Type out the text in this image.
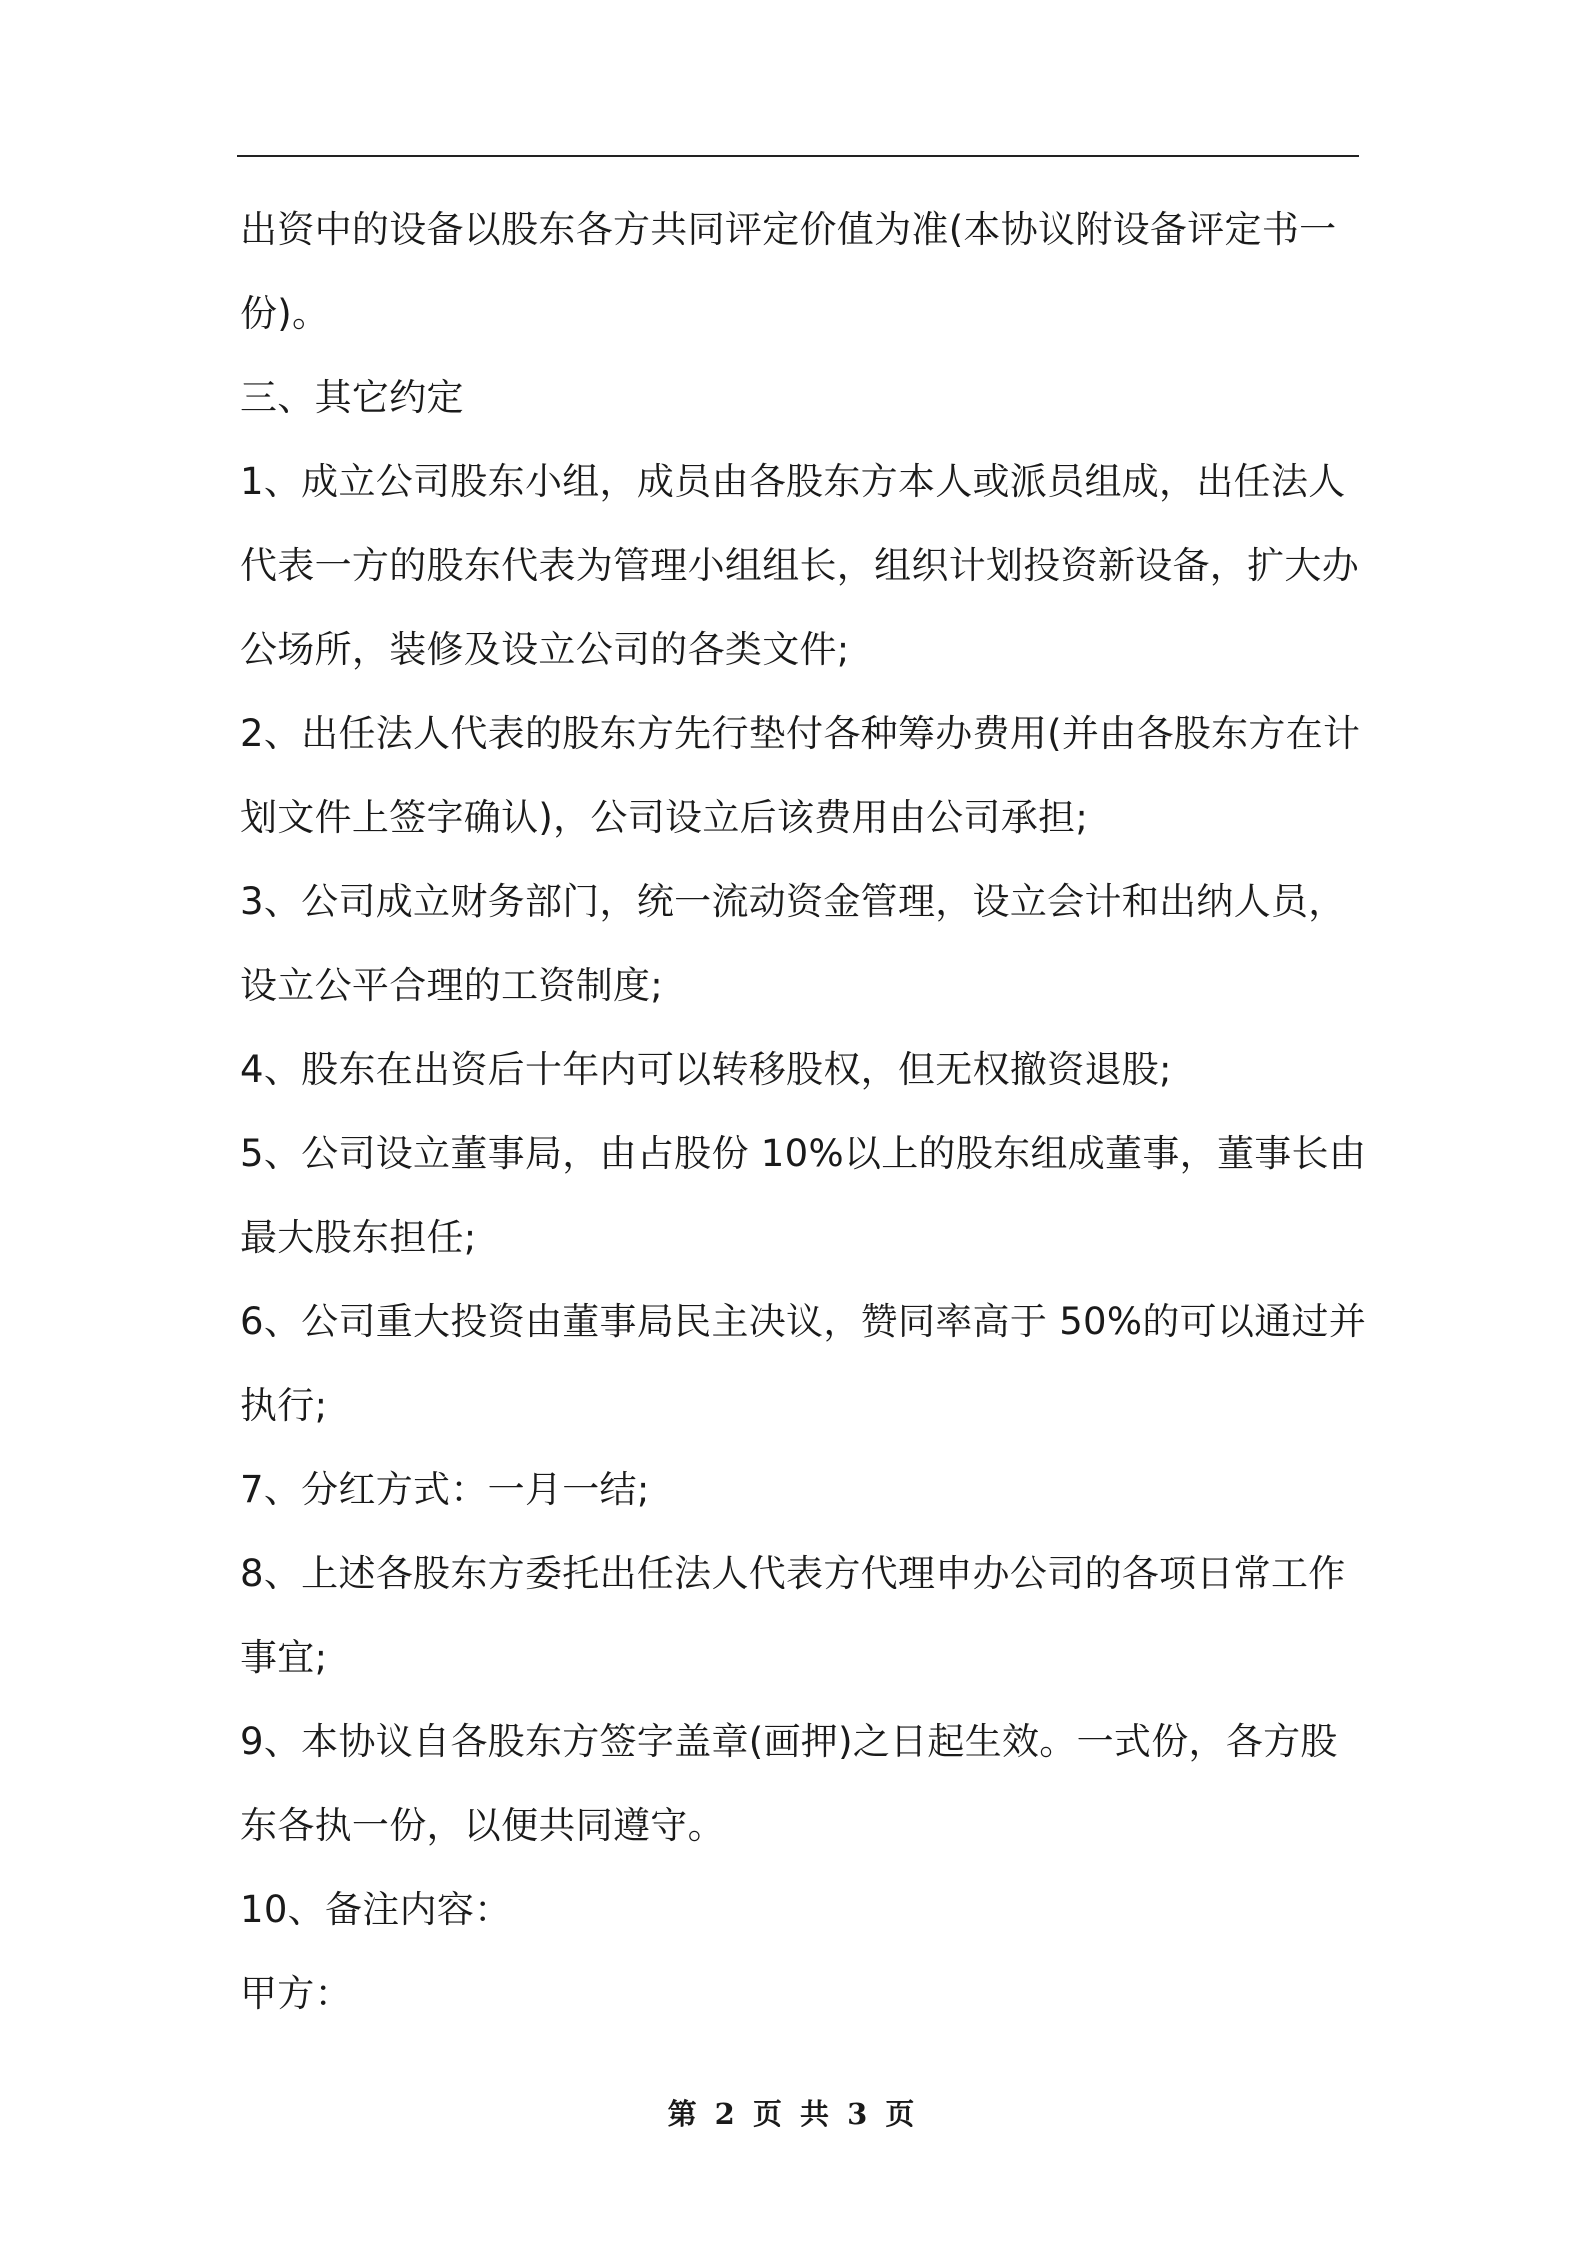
出资中的设备以股东各方共同评定价值为准(本协议附设备评定书一
份)。
三、其它约定
1、成立公司股东小组，成员由各股东方本人或派员组成，出任法人
代表一方的股东代表为管理小组组长，组织计划投资新设备，扩大办
公场所，装修及设立公司的各类文件;
2、出任法人代表的股东方先行垫付各种筹办费用(并由各股东方在计
划文件上签字确认)，公司设立后该费用由公司承担;
3、公司成立财务部门，统一流动资金管理，设立会计和出纳人员，
设立公平合理的工资制度;
4、股东在出资后十年内可以转移股权，但无权撤资退股;
5、公司设立董事局，由占股份 10%以上的股东组成董事，董事长由
最大股东担任;
6、公司重大投资由董事局民主决议，赞同率高于 50%的可以通过并
执行;
7、分红方式：一月一结;
8、上述各股东方委托出任法人代表方代理申办公司的各项日常工作
事宜;
9、本协议自各股东方签字盖章(画押)之日起生效。一式份，各方股
东各执一份，以便共同遵守。
10、备注内容：
甲方：
第 2 页 共 3 页
